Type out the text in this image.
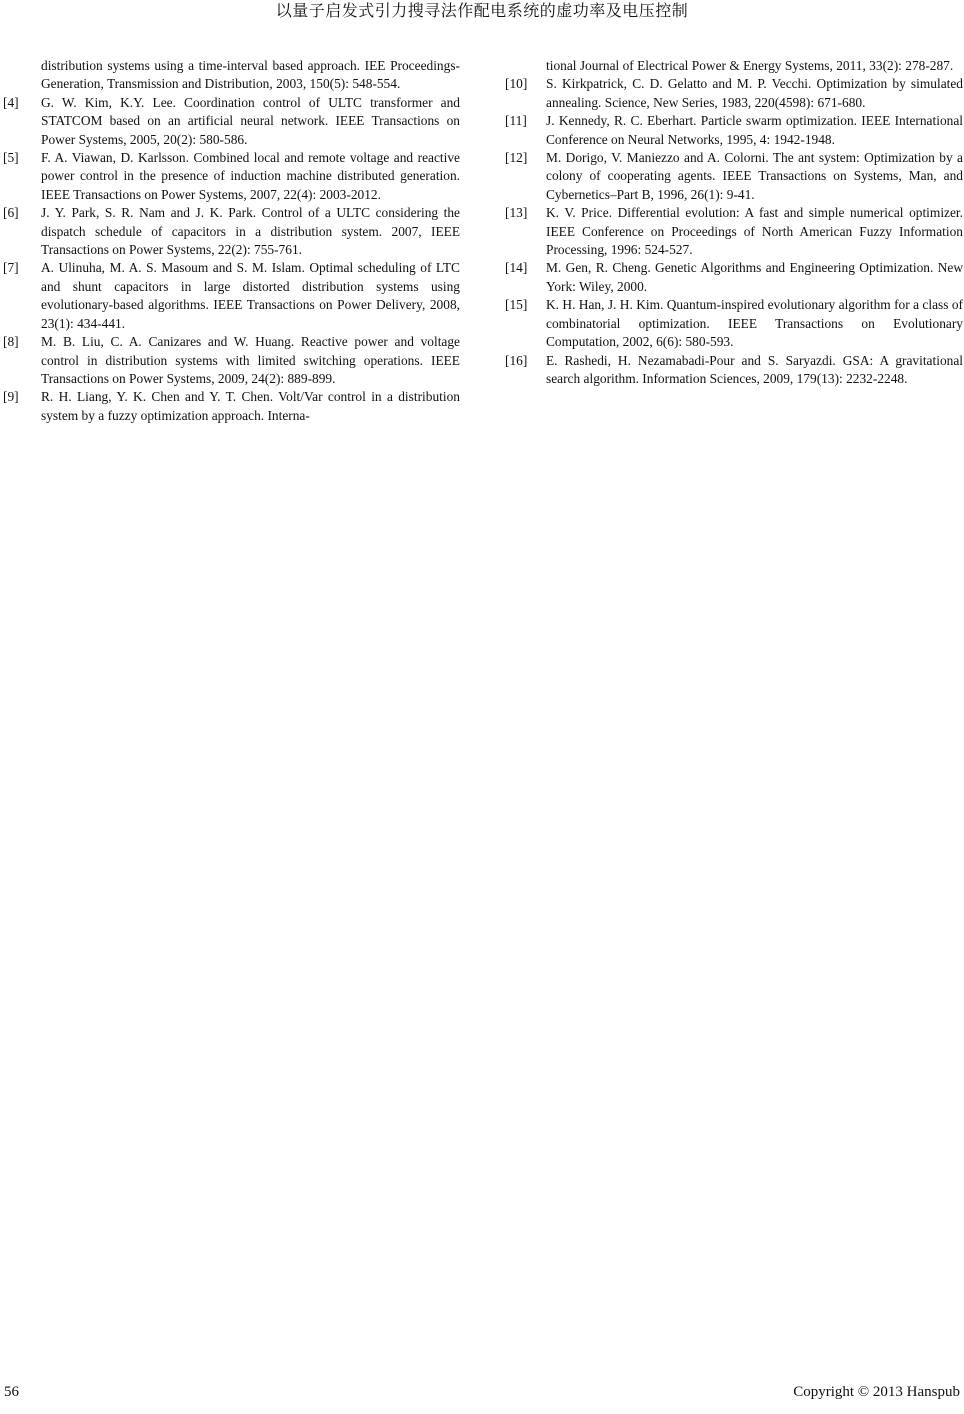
以量子启发式引力搜寻法作配电系统的虚功率及电压控制
distribution systems using a time-interval based approach. IEE Proceedings-Generation, Transmission and Distribution, 2003, 150(5): 548-554.
[4]	G. W. Kim, K.Y. Lee. Coordination control of ULTC transformer and STATCOM based on an artificial neural network. IEEE Transactions on Power Systems, 2005, 20(2): 580-586.
[5]	F. A. Viawan, D. Karlsson. Combined local and remote voltage and reactive power control in the presence of induction machine distributed generation. IEEE Transactions on Power Systems, 2007, 22(4): 2003-2012.
[6]	J. Y. Park, S. R. Nam and J. K. Park. Control of a ULTC considering the dispatch schedule of capacitors in a distribution system. 2007, IEEE Transactions on Power Systems, 22(2): 755-761.
[7]	A. Ulinuha, M. A. S. Masoum and S. M. Islam. Optimal scheduling of LTC and shunt capacitors in large distorted distribution systems using evolutionary-based algorithms. IEEE Transactions on Power Delivery, 2008, 23(1): 434-441.
[8]	M. B. Liu, C. A. Canizares and W. Huang. Reactive power and voltage control in distribution systems with limited switching operations. IEEE Transactions on Power Systems, 2009, 24(2): 889-899.
[9]	R. H. Liang, Y. K. Chen and Y. T. Chen. Volt/Var control in a distribution system by a fuzzy optimization approach. Interna-
tional Journal of Electrical Power & Energy Systems, 2011, 33(2): 278-287.
[10]	S. Kirkpatrick, C. D. Gelatto and M. P. Vecchi. Optimization by simulated annealing. Science, New Series, 1983, 220(4598): 671-680.
[11]	J. Kennedy, R. C. Eberhart. Particle swarm optimization. IEEE International Conference on Neural Networks, 1995, 4: 1942-1948.
[12]	M. Dorigo, V. Maniezzo and A. Colorni. The ant system: Optimization by a colony of cooperating agents. IEEE Transactions on Systems, Man, and Cybernetics–Part B, 1996, 26(1): 9-41.
[13]	K. V. Price. Differential evolution: A fast and simple numerical optimizer. IEEE Conference on Proceedings of North American Fuzzy Information Processing, 1996: 524-527.
[14]	M. Gen, R. Cheng. Genetic Algorithms and Engineering Optimization. New York: Wiley, 2000.
[15]	K. H. Han, J. H. Kim. Quantum-inspired evolutionary algorithm for a class of combinatorial optimization. IEEE Transactions on Evolutionary Computation, 2002, 6(6): 580-593.
[16]	E. Rashedi, H. Nezamabadi-Pour and S. Saryazdi. GSA: A gravitational search algorithm. Information Sciences, 2009, 179(13): 2232-2248.
56	Copyright © 2013 Hanspub
